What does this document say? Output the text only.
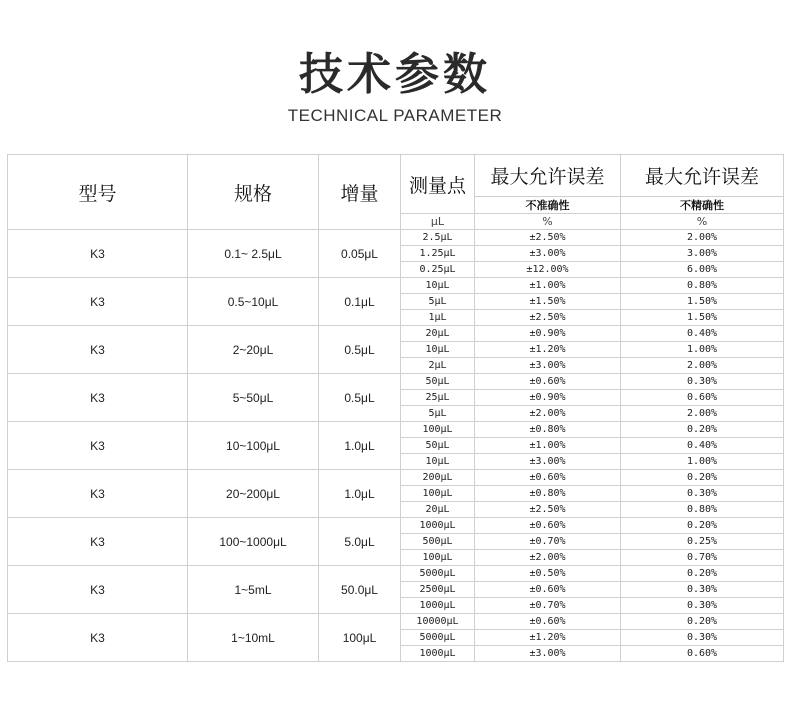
技术参数
TECHNICAL PARAMETER
型号	规格	增量	测量点	最大允许误差	最大允许误差
				不准确性	不精确性
			μL	%	%
K3	0.1~ 2.5μL	0.05μL	2.5μL	±2.50%	2.00%
			1.25μL	±3.00%	3.00%
			0.25μL	±12.00%	6.00%
K3	0.5~10μL	0.1μL	10μL	±1.00%	0.80%
			5μL	±1.50%	1.50%
			1μL	±2.50%	1.50%
K3	2~20μL	0.5μL	20μL	±0.90%	0.40%
			10μL	±1.20%	1.00%
			2μL	±3.00%	2.00%
K3	5~50μL	0.5μL	50μL	±0.60%	0.30%
			25μL	±0.90%	0.60%
			5μL	±2.00%	2.00%
K3	10~100μL	1.0μL	100μL	±0.80%	0.20%
			50μL	±1.00%	0.40%
			10μL	±3.00%	1.00%
K3	20~200μL	1.0μL	200μL	±0.60%	0.20%
			100μL	±0.80%	0.30%
			20μL	±2.50%	0.80%
K3	100~1000μL	5.0μL	1000μL	±0.60%	0.20%
			500μL	±0.70%	0.25%
			100μL	±2.00%	0.70%
K3	1~5mL	50.0μL	5000μL	±0.50%	0.20%
			2500μL	±0.60%	0.30%
			1000μL	±0.70%	0.30%
K3	1~10mL	100μL	10000μL	±0.60%	0.20%
			5000μL	±1.20%	0.30%
			1000μL	±3.00%	0.60%
